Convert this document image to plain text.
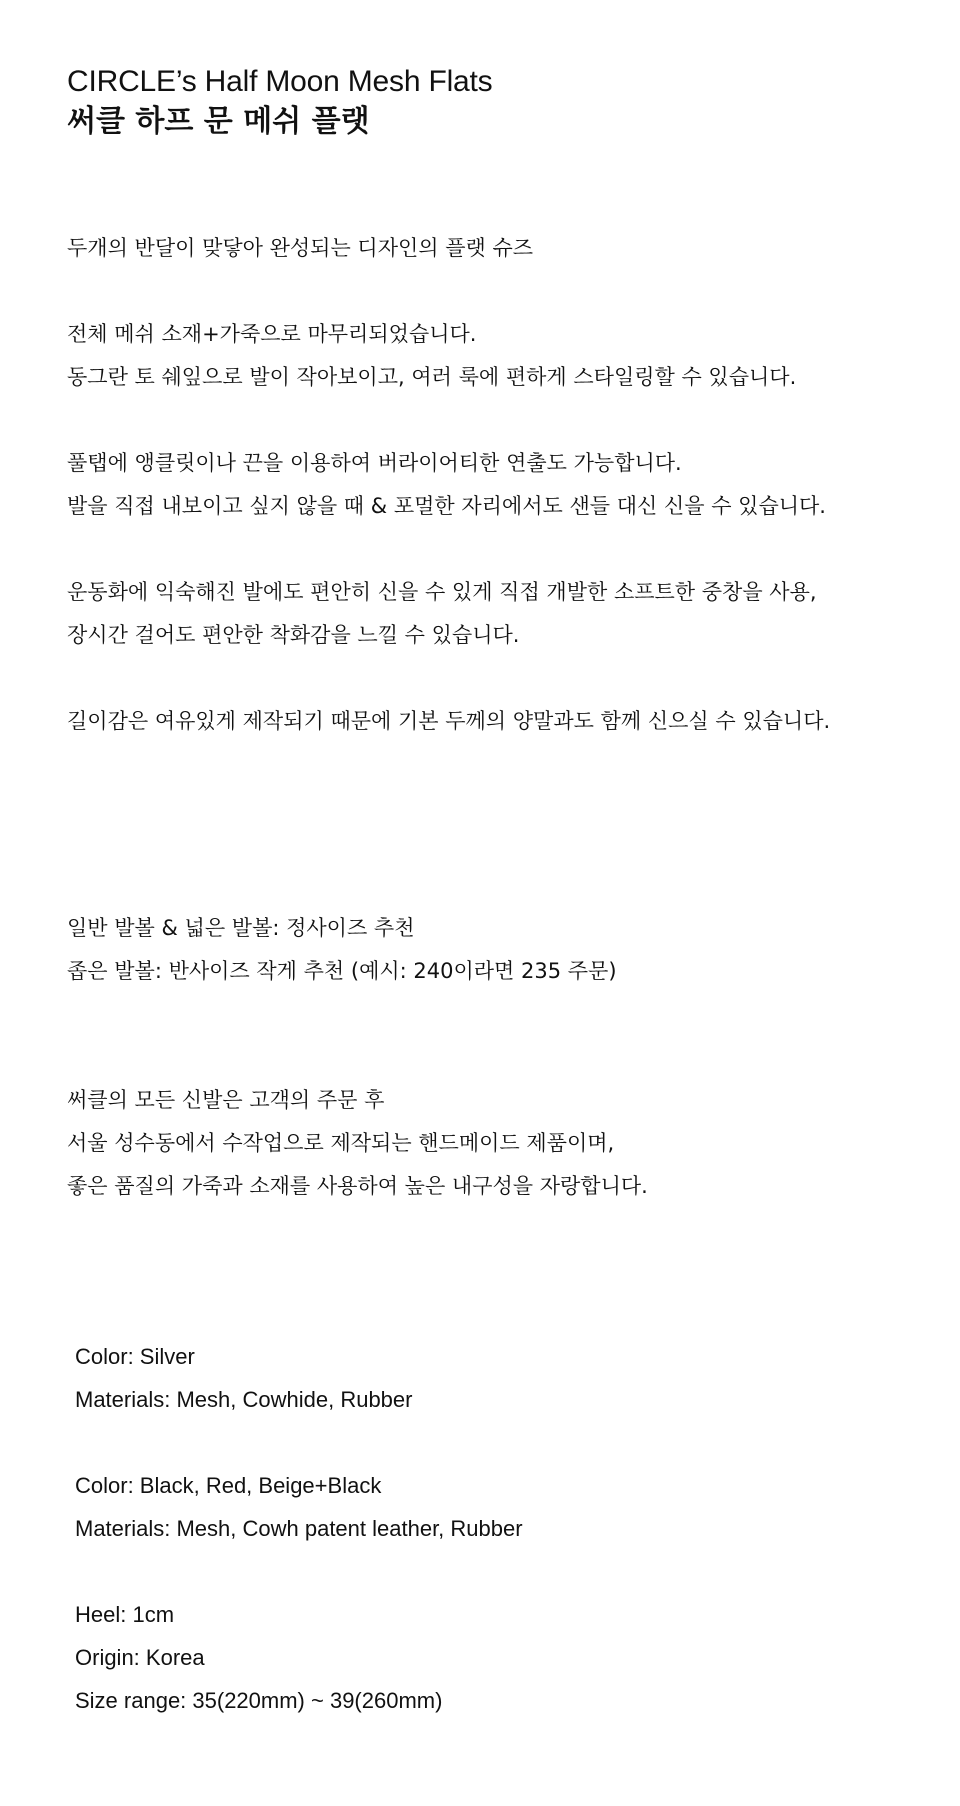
CIRCLE’s Half Moon Mesh Flats
써클 하프 문 메쉬 플랫
두개의 반달이 맞닿아 완성되는 디자인의 플랫 슈즈
전체 메쉬 소재+가죽으로 마무리되었습니다.
동그란 토 쉐잎으로 발이 작아보이고, 여러 룩에 편하게 스타일링할 수 있습니다.
풀탭에 앵클릿이나 끈을 이용하여 버라이어티한 연출도 가능합니다.
발을 직접 내보이고 싶지 않을 때 & 포멀한 자리에서도 샌들 대신 신을 수 있습니다.
운동화에 익숙해진 발에도 편안히 신을 수 있게 직접 개발한 소프트한 중창을 사용,
장시간 걸어도 편안한 착화감을 느낄 수 있습니다.
길이감은 여유있게 제작되기 때문에 기본 두께의 양말과도 함께 신으실 수 있습니다.
일반 발볼 & 넓은 발볼: 정사이즈 추천
좁은 발볼: 반사이즈 작게 추천 (예시: 240이라면 235 주문)
써클의 모든 신발은 고객의 주문 후
서울 성수동에서 수작업으로 제작되는 핸드메이드 제품이며,
좋은 품질의 가죽과 소재를 사용하여 높은 내구성을 자랑합니다.
Color: Silver
Materials: Mesh, Cowhide, Rubber
Color: Black, Red, Beige+Black
Materials: Mesh, Cowh patent leather, Rubber
Heel: 1cm
Origin: Korea
Size range: 35(220mm) ~ 39(260mm)
